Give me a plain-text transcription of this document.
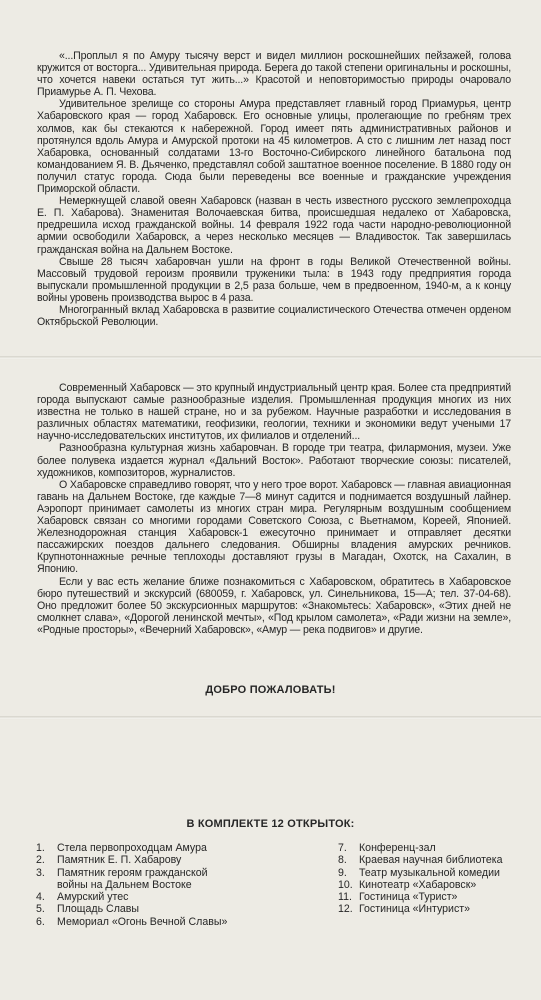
«...Проплыл я по Амуру тысячу верст и видел миллион роскошнейших пейзажей, голова кружится от восторга... Удивительная природа. Берега до такой степени оригинальны и роскошны, что хочется навеки остаться тут жить...» Красотой и неповторимостью природы очаровало Приамурье А. П. Чехова.

Удивительное зрелище со стороны Амура представляет главный город Приамурья, центр Хабаровского края — город Хабаровск. Его основные улицы, пролегающие по гребням трех холмов, как бы стекаются к набережной. Город имеет пять административных районов и протянулся вдоль Амура и Амурской протоки на 45 километров. А сто с лишним лет назад пост Хабаровка, основанный солдатами 13-го Восточно-Сибирского линейного батальона под командованием Я. В. Дьяченко, представлял собой заштатное военное поселение. В 1880 году он получил статус города. Сюда были переведены все военные и гражданские учреждения Приморской области.

Немеркнущей славой овеян Хабаровск (назван в честь известного русского землепроходца Е. П. Хабарова). Знаменитая Волочаевская битва, происшедшая недалеко от Хабаровска, предрешила исход гражданской войны. 14 февраля 1922 года части народно-революционной армии освободили Хабаровск, а через несколько месяцев — Владивосток. Так завершилась гражданская война на Дальнем Востоке.

Свыше 28 тысяч хабаровчан ушли на фронт в годы Великой Отечественной войны. Массовый трудовой героизм проявили труженики тыла: в 1943 году предприятия города выпускали промышленной продукции в 2,5 раза больше, чем в предвоенном, 1940-м, а к концу войны уровень производства вырос в 4 раза.

Многогранный вклад Хабаровска в развитие социалистического Отечества отмечен орденом Октябрьской Революции.

Современный Хабаровск — это крупный индустриальный центр края. Более ста предприятий города выпускают самые разнообразные изделия. Промышленная продукция многих из них известна не только в нашей стране, но и за рубежом. Научные разработки и исследования в различных областях математики, геофизики, геологии, техники и экономики ведут учеными 17 научно-исследовательских институтов, их филиалов и отделений...

Разнообразна культурная жизнь хабаровчан. В городе три театра, филармония, музеи. Уже более полувека издается журнал «Дальний Восток». Работают творческие союзы: писателей, художников, композиторов, журналистов.

О Хабаровске справедливо говорят, что у него трое ворот. Хабаровск — главная авиационная гавань на Дальнем Востоке, где каждые 7—8 минут садится и поднимается воздушный лайнер. Аэропорт принимает самолеты из многих стран мира. Регулярным воздушным сообщением Хабаровск связан со многими городами Советского Союза, с Вьетнамом, Кореей, Японией. Железнодорожная станция Хабаровск-1 ежесуточно принимает и отправляет десятки пассажирских поездов дальнего следования. Обширны владения амурских речников. Крупнотоннажные речные теплоходы доставляют грузы в Магадан, Охотск, на Сахалин, в Японию.

Если у вас есть желание ближе познакомиться с Хабаровском, обратитесь в Хабаровское бюро путешествий и экскурсий (680059, г. Хабаровск, ул. Синельникова, 15—А; тел. 37-04-68). Оно предложит более 50 экскурсионных маршрутов: «Знакомьтесь: Хабаровск», «Этих дней не смолкнет слава», «Дорогой ленинской мечты», «Под крылом самолета», «Ради жизни на земле», «Родные просторы», «Вечерний Хабаровск», «Амур — река подвигов» и другие.

ДОБРО ПОЖАЛОВАТЬ!
В КОМПЛЕКТЕ 12 ОТКРЫТОК:
1.	Стела первопроходцам Амура
2.	Памятник Е. П. Хабарову
3.	Памятник героям гражданской
войны на Дальнем Востоке
4.	Амурский утес
5.	Площадь Славы
6.	Мемориал «Огонь Вечной Славы»
7.	Конференц-зал
8.	Краевая научная библиотека
9.	Театр музыкальной комедии
10. Кинотеатр «Хабаровск»
11. Гостиница «Турист»
12. Гостиница «Интурист»
